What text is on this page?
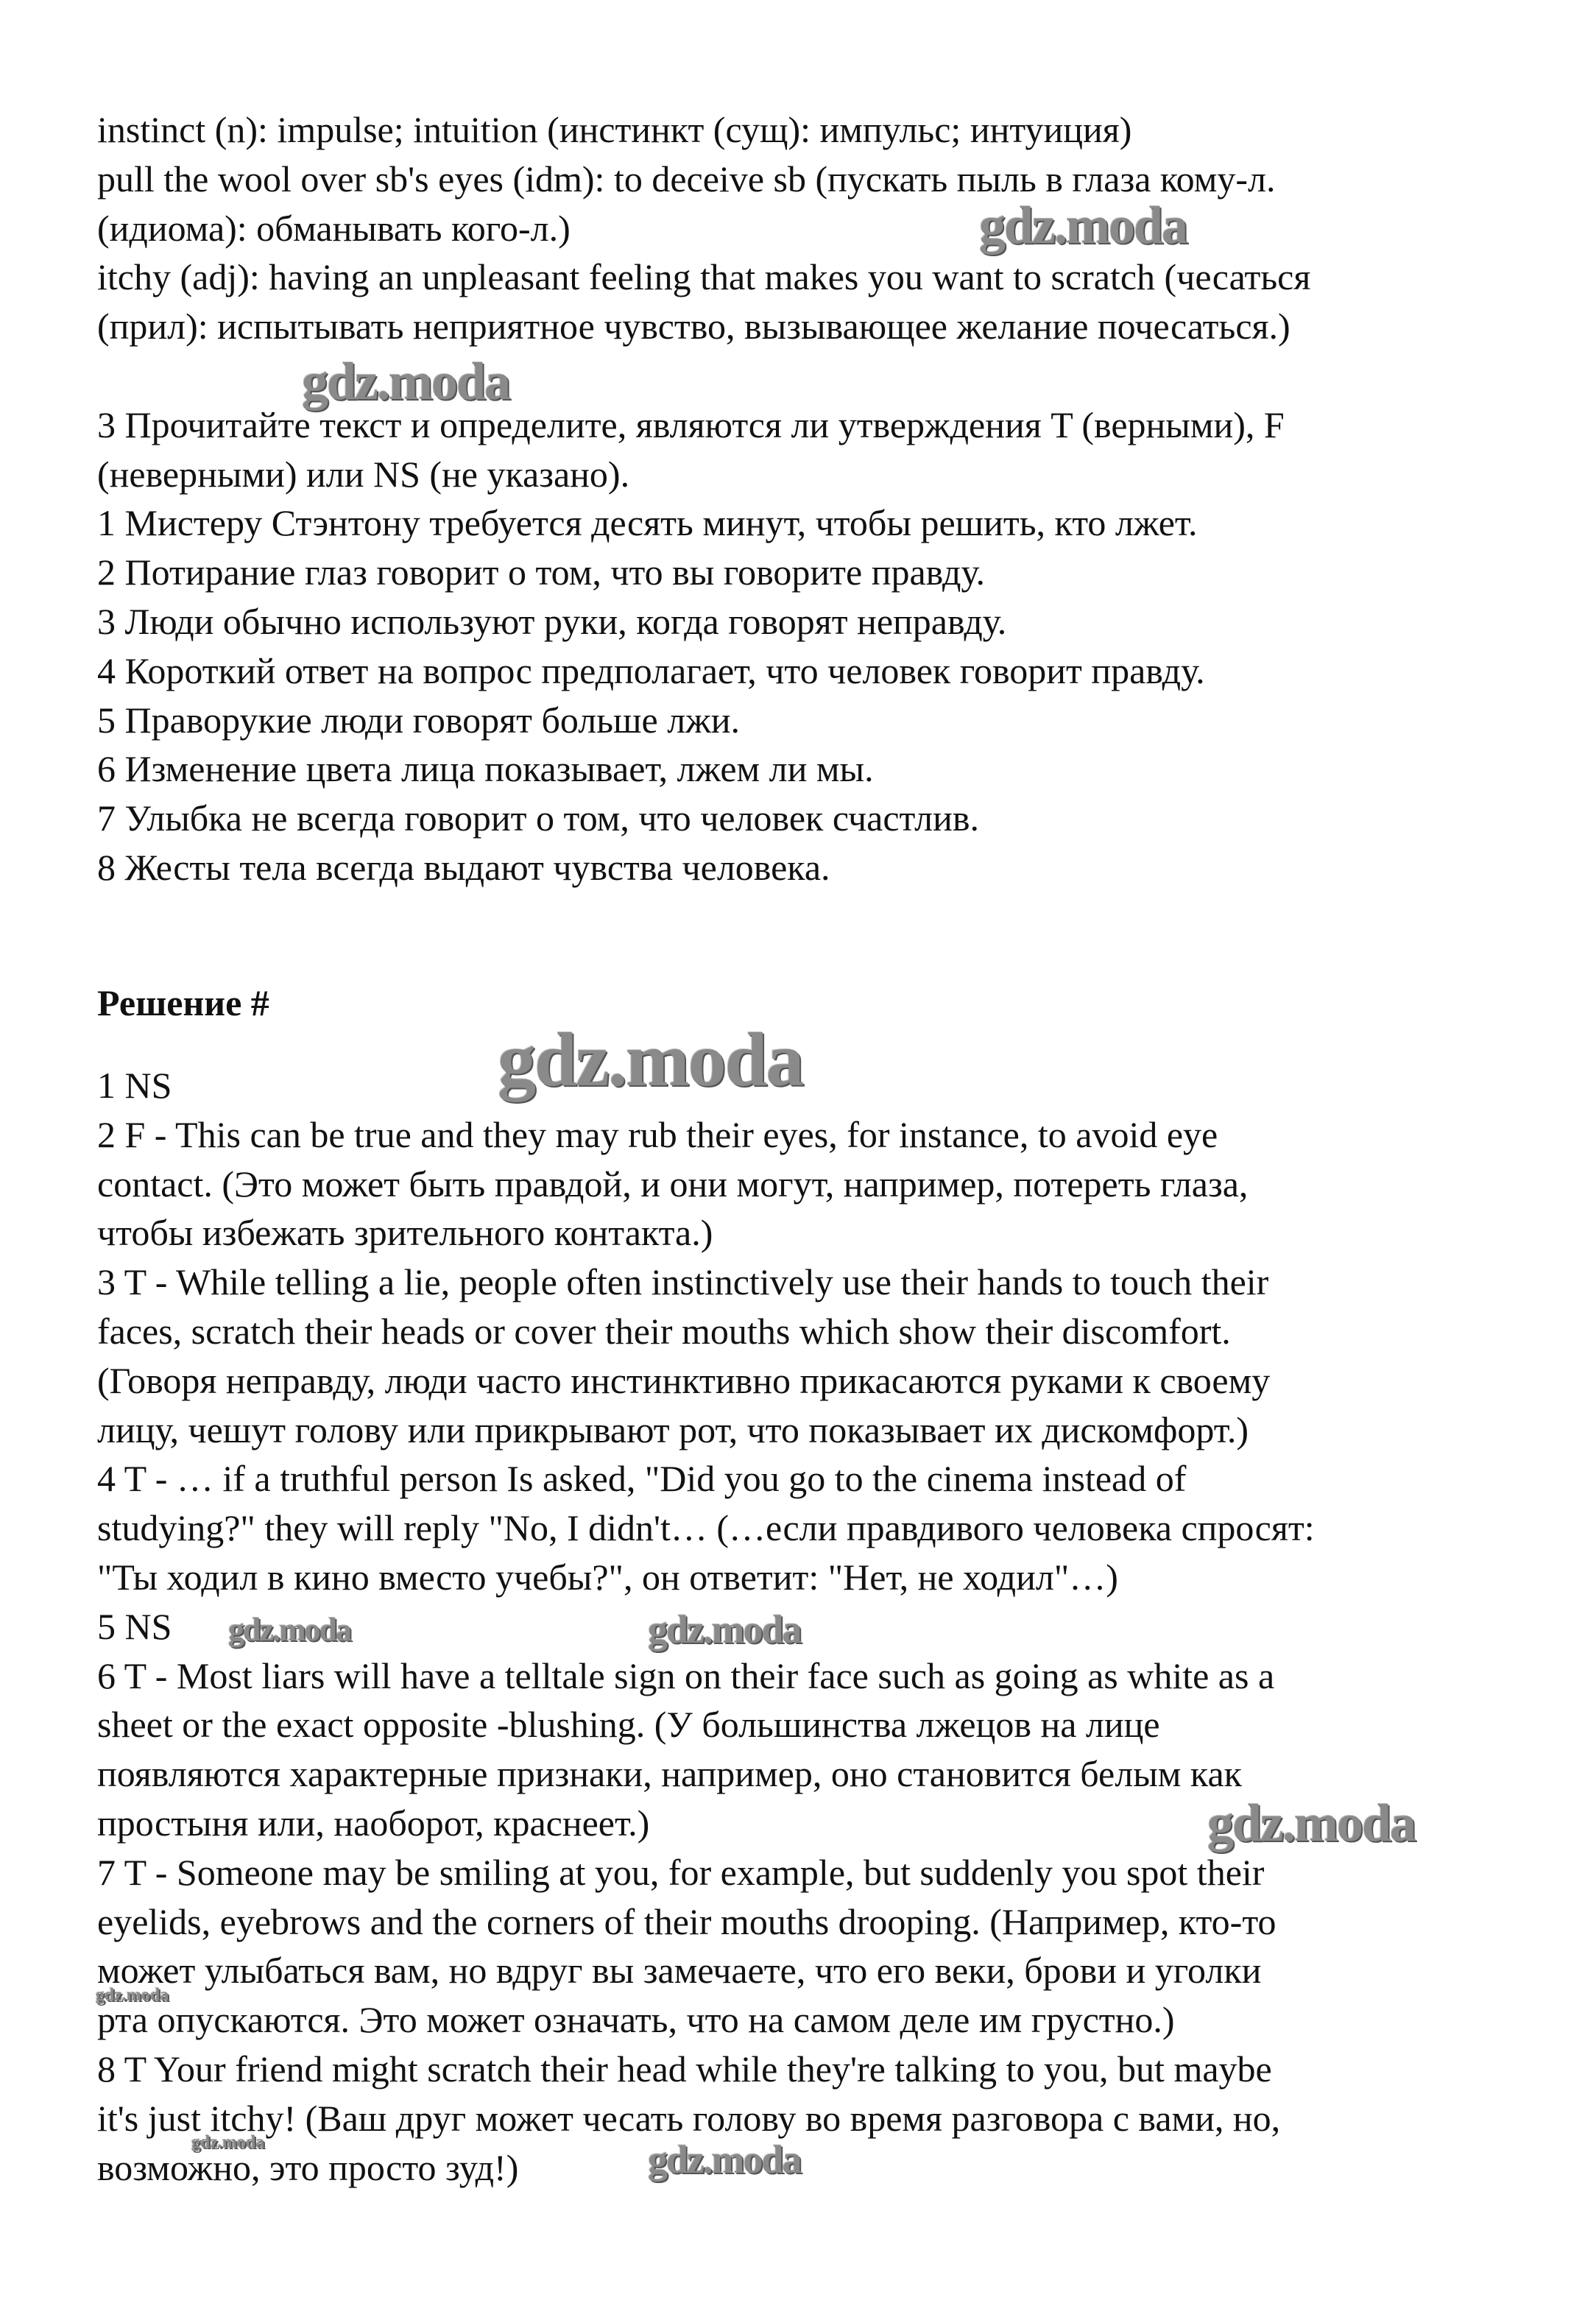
instinct (n): impulse; intuition (инстинкт (сущ): импульс; интуиция)
pull the wool over sb's eyes (idm): to deceive sb (пускать пыль в глаза кому-л.
(идиома): обманывать кого-л.)
itchy (adj): having an unpleasant feeling that makes you want to scratch (чесаться
(прил): испытывать неприятное чувство, вызывающее желание почесаться.)
3 Прочитайте текст и определите, являются ли утверждения T (верными), F
(неверными) или NS (не указано).
1 Мистеру Стэнтону требуется десять минут, чтобы решить, кто лжет.
2 Потирание глаз говорит о том, что вы говорите правду.
3 Люди обычно используют руки, когда говорят неправду.
4 Короткий ответ на вопрос предполагает, что человек говорит правду.
5 Праворукие люди говорят больше лжи.
6 Изменение цвета лица показывает, лжем ли мы.
7 Улыбка не всегда говорит о том, что человек счастлив.
8 Жесты тела всегда выдают чувства человека.
Решение #
1 NS
2 F - This can be true and they may rub their eyes, for instance, to avoid eye
contact. (Это может быть правдой, и они могут, например, потереть глаза,
чтобы избежать зрительного контакта.)
3 T - While telling a lie, people often instinctively use their hands to touch their
faces, scratch their heads or cover their mouths which show their discomfort.
(Говоря неправду, люди часто инстинктивно прикасаются руками к своему
лицу, чешут голову или прикрывают рот, что показывает их дискомфорт.)
4 T - … if a truthful person Is asked, "Did you go to the cinema instead of
studying?" they will reply "No, I didn't… (…если правдивого человека спросят:
"Ты ходил в кино вместо учебы?", он ответит: "Нет, не ходил"…)
5 NS
6 T - Most liars will have a telltale sign on their face such as going as white as a
sheet or the exact opposite -blushing. (У большинства лжецов на лице
появляются характерные признаки, например, оно становится белым как
простыня или, наоборот, краснеет.)
7 T - Someone may be smiling at you, for example, but suddenly you spot their
eyelids, eyebrows and the corners of their mouths drooping. (Например, кто-то
может улыбаться вам, но вдруг вы замечаете, что его веки, брови и уголки
рта опускаются. Это может означать, что на самом деле им грустно.)
8 T Your friend might scratch their head while they're talking to you, but maybe
it's just itchy! (Ваш друг может чесать голову во время разговора с вами, но,
возможно, это просто зуд!)
gdz.moda
gdz.moda
gdz.moda
gdz.moda	gdz.moda
gdz.moda
gdz.moda
gdz.moda	gdz.moda
